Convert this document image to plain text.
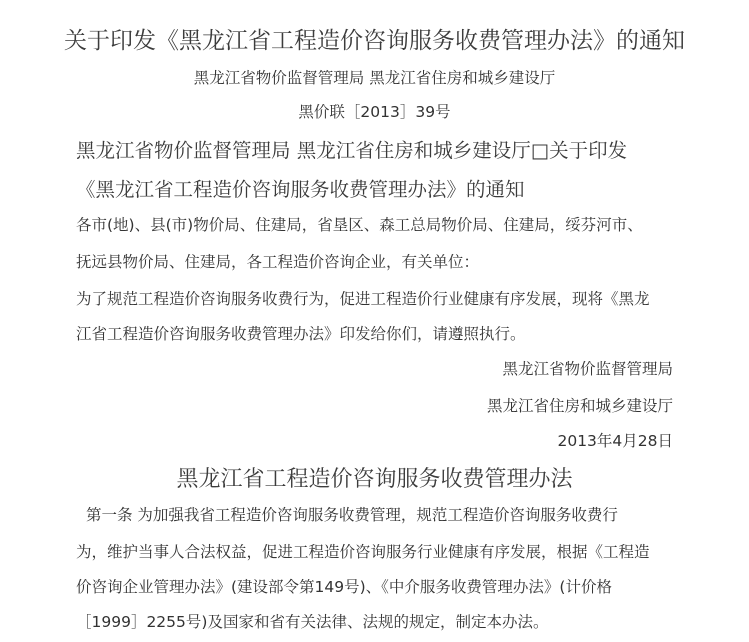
关于印发《黑龙江省工程造价咨询服务收费管理办法》的通知
黑龙江省物价监督管理局 黑龙江省住房和城乡建设厅
黑价联［2013］39号
黑龙江省物价监督管理局 黑龙江省住房和城乡建设厅□关于印发
《黑龙江省工程造价咨询服务收费管理办法》的通知
各市(地)、县(市)物价局、住建局，省垦区、森工总局物价局、住建局，绥芬河市、
抚远县物价局、住建局，各工程造价咨询企业，有关单位：
为了规范工程造价咨询服务收费行为，促进工程造价行业健康有序发展，现将《黑龙
江省工程造价咨询服务收费管理办法》印发给你们，请遵照执行。
黑龙江省物价监督管理局
黑龙江省住房和城乡建设厅
2013年4月28日
黑龙江省工程造价咨询服务收费管理办法
第一条 为加强我省工程造价咨询服务收费管理，规范工程造价咨询服务收费行
为，维护当事人合法权益，促进工程造价咨询服务行业健康有序发展，根据《工程造
价咨询企业管理办法》(建设部令第149号)、《中介服务收费管理办法》(计价格
［1999］2255号)及国家和省有关法律、法规的规定，制定本办法。
